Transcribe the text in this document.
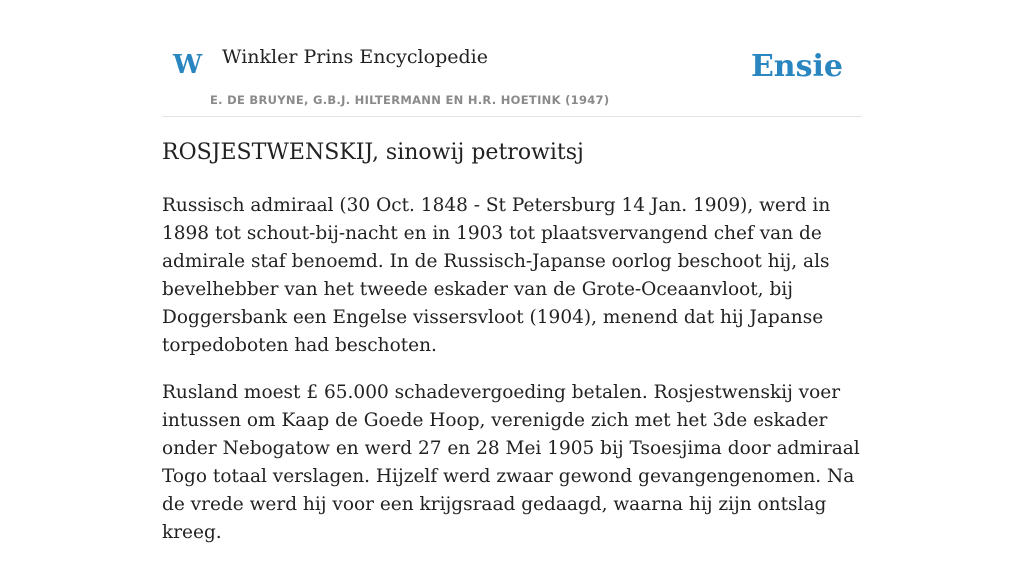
W Winkler Prins Encyclopedie
E. DE BRUYNE, G.B.J. HILTERMANN EN H.R. HOETINK (1947)
Ensie
ROSJESTWENSKIJ, sinowij petrowitsj

Russisch admiraal (30 Oct. 1848 - St Petersburg 14 Jan. 1909), werd in 1898 tot schout-bij-nacht en in 1903 tot plaatsvervangend chef van de admirale staf benoemd. In de Russisch-Japanse oorlog beschoot hij, als bevelhebber van het tweede eskader van de Grote-Oceaanvloot, bij Doggersbank een Engelse vissersvloot (1904), menend dat hij Japanse torpedoboten had beschoten.

Rusland moest £ 65.000 schadevergoeding betalen. Rosjestwenskij voer intussen om Kaap de Goede Hoop, verenigde zich met het 3de eskader onder Nebogatow en werd 27 en 28 Mei 1905 bij Tsoesjima door admiraal Togo totaal verslagen. Hijzelf werd zwaar gewond gevangengenomen. Na de vrede werd hij voor een krijgsraad gedaagd, waarna hij zijn ontslag kreeg.
